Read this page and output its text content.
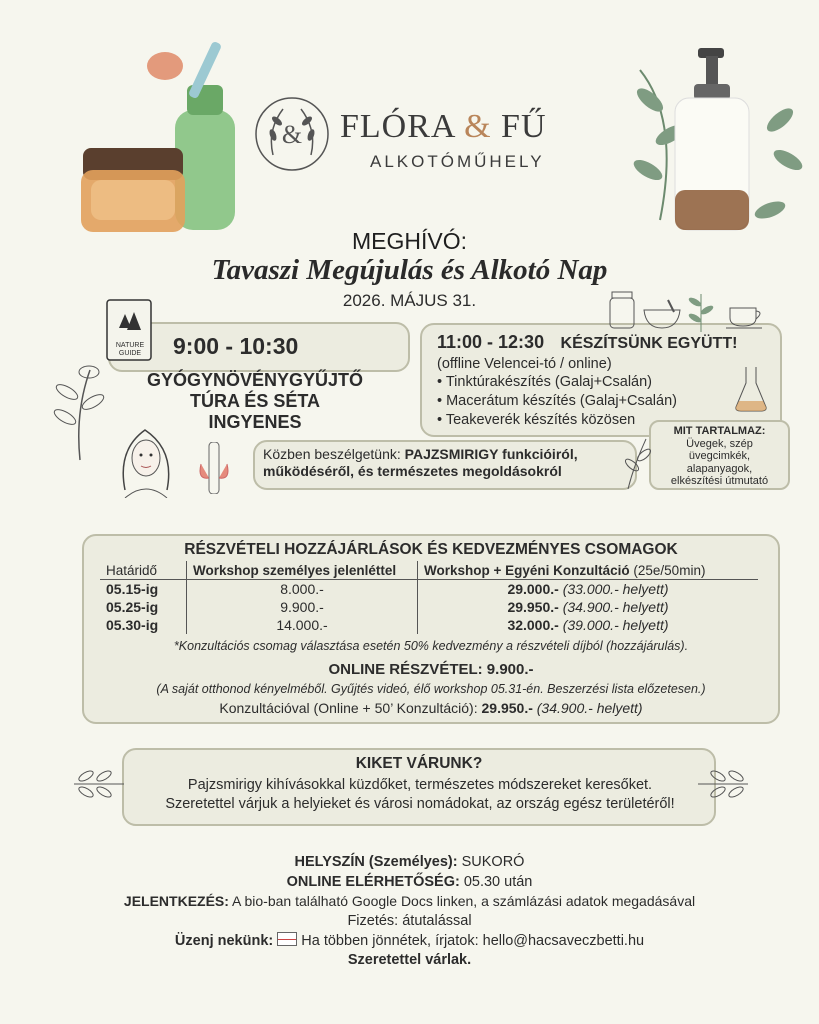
& FLÓRA & FŰ
ALKOTÓMŰHELY
MEGHÍVÓ:
Tavaszi Megújulás és Alkotó Nap
2026. MÁJUS 31.
NATURE
GUIDE	9:00 - 10:30
GYÓGYNÖVÉNYGYŰJTŐ
TÚRA ÉS SÉTA
INGYENES
11:00 - 12:30 KÉSZÍTSÜNK EGYÜTT!
(offline Velencei-tó / online)
• Tinktúrakészítés (Galaj+Csalán)
• Macerátum készítés (Galaj+Csalán)
• Teakeverék készítés közösen
MIT TARTALMAZ:
Üvegek, szép
üvegcimkék,
alapanyagok,
elkészítési útmutató
Közben beszélgetünk: PAJZSMIRIGY funkcióiról,
működéséről, és természetes megoldásokról
RÉSZVÉTELI HOZZÁJÁRLÁSOK ÉS KEDVEZMÉNYES CSOMAGOK
Határidő	Workshop személyes jelenléttel	Workshop + Egyéni Konzultáció (25e/50min)
05.15-ig	8.000.-	29.000.- (33.000.- helyett)
05.25-ig	9.900.-	29.950.- (34.900.- helyett)
05.30-ig	14.000.-	32.000.- (39.000.- helyett)
*Konzultációs csomag választása esetén 50% kedvezmény a részvételi díjból (hozzájárulás).
ONLINE RÉSZVÉTEL: 9.900.-
(A saját otthonod kényelméből. Gyűjtés videó, élő workshop 05.31-én. Beszerzési lista előzetesen.)
Konzultációval (Online + 50’ Konzultáció): 29.950.- (34.900.- helyett)
KIKET VÁRUNK?
Pajzsmirigy kihívásokkal küzdőket, természetes módszereket keresőket.
Szeretettel várjuk a helyieket és városi nomádokat, az ország egész területéről!
HELYSZÍN (Személyes): SUKORÓ
ONLINE ELÉRHETŐSÉG: 05.30 után
JELENTKEZÉS: A bio-ban található Google Docs linken, a számlázási adatok megadásával
Fizetés: átutalással
Üzenj nekünk:
Ha többen jönnétek, írjatok: hello@hacsaveczbetti.hu
Szeretettel várlak.
